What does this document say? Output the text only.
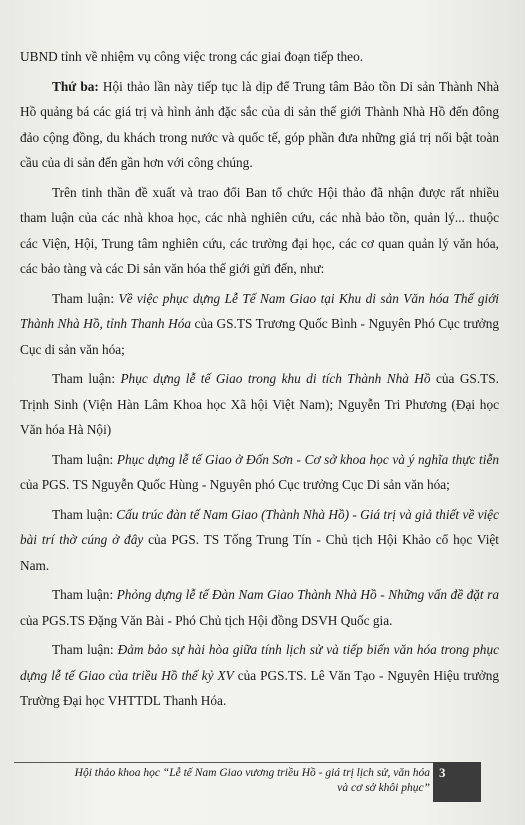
UBND tỉnh về nhiệm vụ công việc trong các giai đoạn tiếp theo.

Thứ ba: Hội thảo lần này tiếp tục là dịp để Trung tâm Bảo tồn Di sản Thành Nhà Hồ quảng bá các giá trị và hình ảnh đặc sắc của di sản thế giới Thành Nhà Hồ đến đông đảo cộng đồng, du khách trong nước và quốc tế, góp phần đưa những giá trị nổi bật toàn cầu của di sản đến gần hơn với công chúng.

Trên tinh thần đề xuất và trao đổi Ban tổ chức Hội thảo đã nhận được rất nhiều tham luận của các nhà khoa học, các nhà nghiên cứu, các nhà bảo tồn, quản lý... thuộc các Viện, Hội, Trung tâm nghiên cứu, các trường đại học, các cơ quan quản lý văn hóa, các bảo tàng và các Di sản văn hóa thế giới gửi đến, như:

Tham luận: Về việc phục dựng Lễ Tế Nam Giao tại Khu di sản Văn hóa Thế giới Thành Nhà Hồ, tỉnh Thanh Hóa của GS.TS Trương Quốc Bình - Nguyên Phó Cục trưởng Cục di sản văn hóa;

Tham luận: Phục dựng lễ tế Giao trong khu di tích Thành Nhà Hồ của GS.TS. Trịnh Sinh (Viện Hàn Lâm Khoa học Xã hội Việt Nam); Nguyễn Tri Phương (Đại học Văn hóa Hà Nội)

Tham luận: Phục dựng lễ tế Giao ở Đốn Sơn - Cơ sở khoa học và ý nghĩa thực tiễn của PGS. TS Nguyễn Quốc Hùng - Nguyên phó Cục trưởng Cục Di sản văn hóa;

Tham luận: Cấu trúc đàn tế Nam Giao (Thành Nhà Hồ) - Giá trị và giả thiết về việc bài trí thờ cúng ở đây của PGS. TS Tống Trung Tín - Chủ tịch Hội Khảo cổ học Việt Nam.

Tham luận: Phỏng dựng lễ tế Đàn Nam Giao Thành Nhà Hồ - Những vấn đề đặt ra của PGS.TS Đặng Văn Bài - Phó Chủ tịch Hội đồng DSVH Quốc gia.

Tham luận: Đảm bảo sự hài hòa giữa tính lịch sử và tiếp biến văn hóa trong phục dựng lễ tế Giao của triều Hồ thế kỷ XV của PGS.TS. Lê Văn Tạo - Nguyên Hiệu trưởng Trường Đại học VHTTDL Thanh Hóa.

Hội thảo khoa học “Lễ tế Nam Giao vương triều Hồ - giá trị lịch sử, văn hóa
và cơ sở khôi phục”
3
